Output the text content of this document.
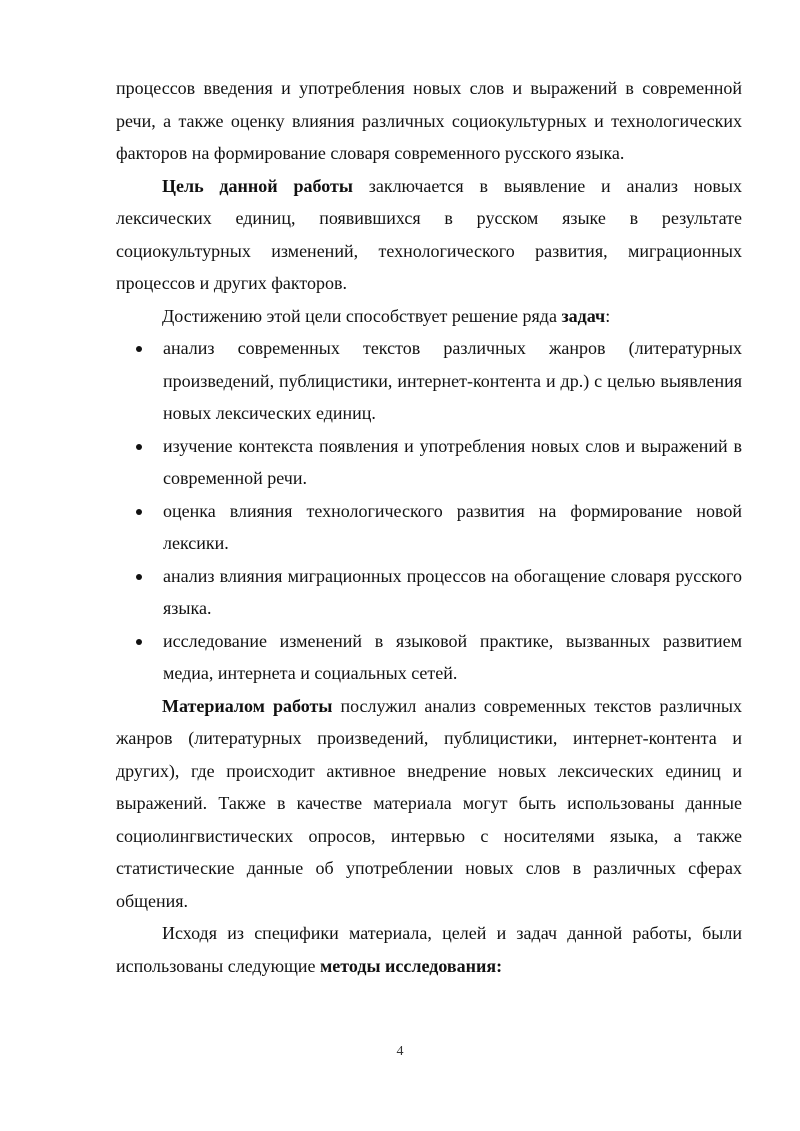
процессов введения и употребления новых слов и выражений в современной речи, а также оценку влияния различных социокультурных и технологических факторов на формирование словаря современного русского языка.

Цель данной работы заключается в выявление и анализ новых лексических единиц, появившихся в русском языке в результате социокультурных изменений, технологического развития, миграционных процессов и других факторов.

Достижению этой цели способствует решение ряда задач:

анализ современных текстов различных жанров (литературных произведений, публицистики, интернет-контента и др.) с целью выявления новых лексических единиц.
изучение контекста появления и употребления новых слов и выражений в современной речи.
оценка влияния технологического развития на формирование новой лексики.
анализ влияния миграционных процессов на обогащение словаря русского языка.
исследование изменений в языковой практике, вызванных развитием медиа, интернета и социальных сетей.

Материалом работы послужил анализ современных текстов различных жанров (литературных произведений, публицистики, интернет-контента и других), где происходит активное внедрение новых лексических единиц и выражений. Также в качестве материала могут быть использованы данные социолингвистических опросов, интервью с носителями языка, а также статистические данные об употреблении новых слов в различных сферах общения.

Исходя из специфики материала, целей и задач данной работы, были использованы следующие методы исследования:

4
